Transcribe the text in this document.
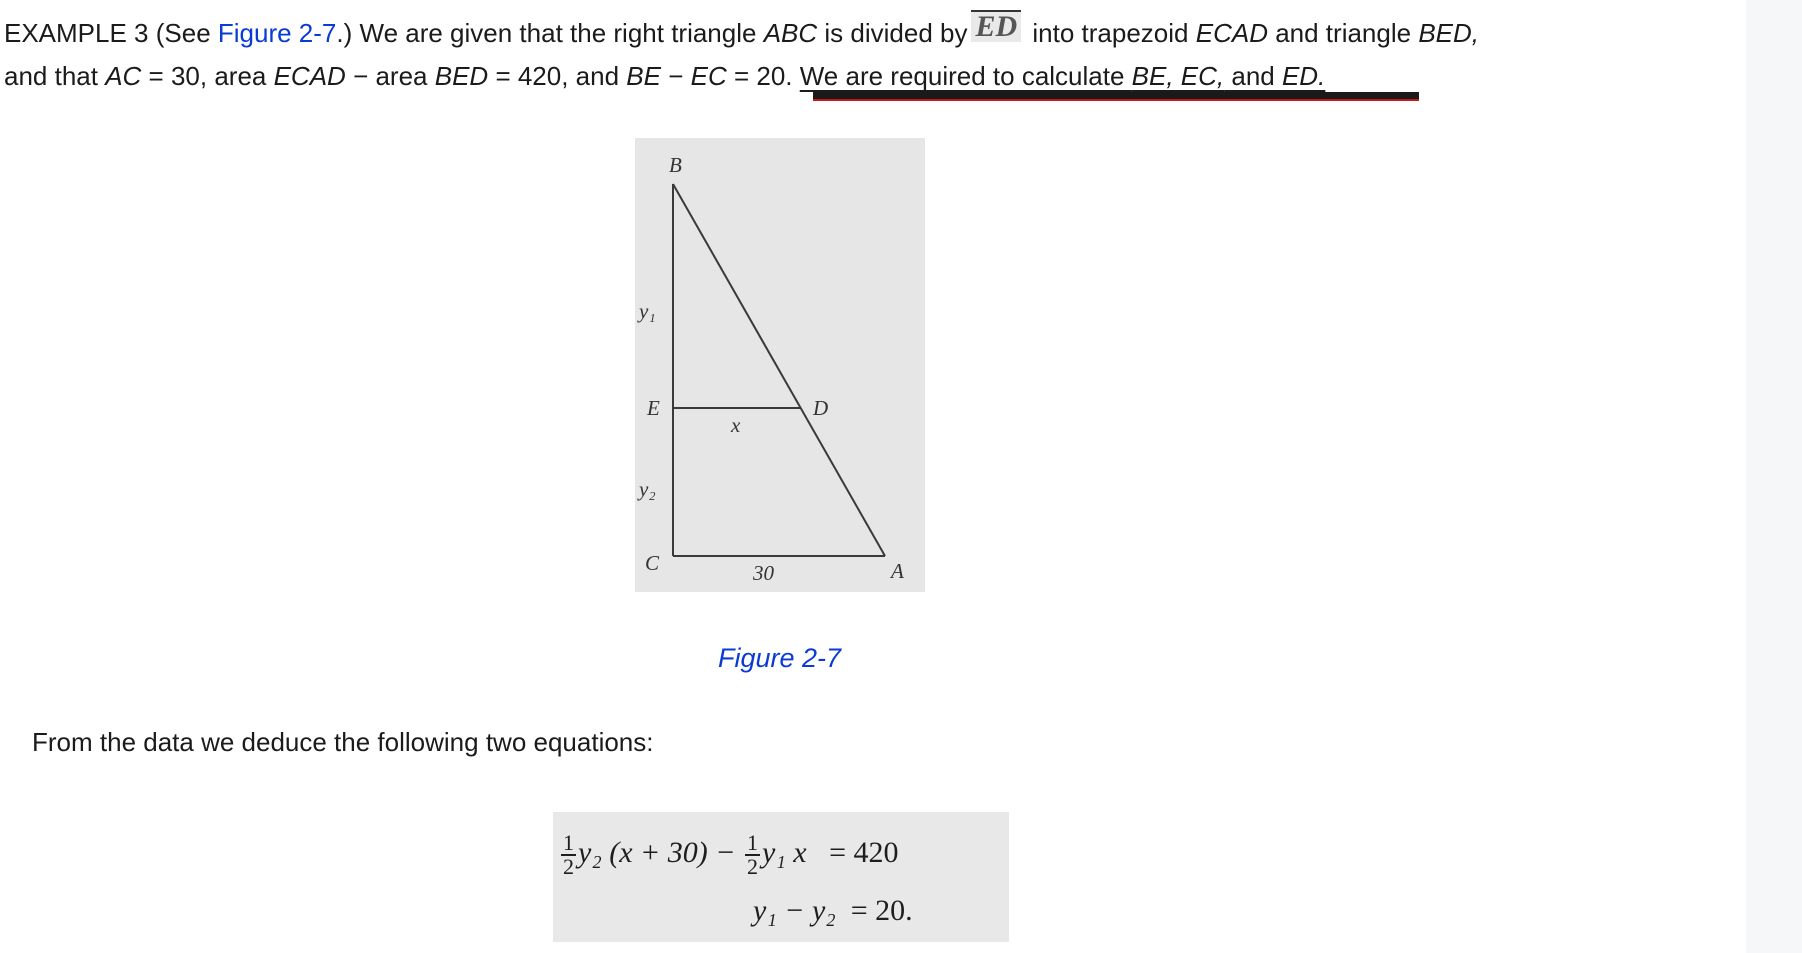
EXAMPLE 3 (See Figure 2-7.) We are given that the right triangle ABC is divided by ED into trapezoid ECAD and triangle BED,
and that AC = 30, area ECAD − area BED = 420, and BE − EC = 20. We are required to calculate BE, EC, and ED.
B
y₁
E	D
x
y₂
C	30	A
Figure 2-7
From the data we deduce the following two equations:
$\frac{1}{2} y_2$ $(x + 30) - \frac{1}{2} y_1$ x = 420
y₁ − y₂ = 20.
